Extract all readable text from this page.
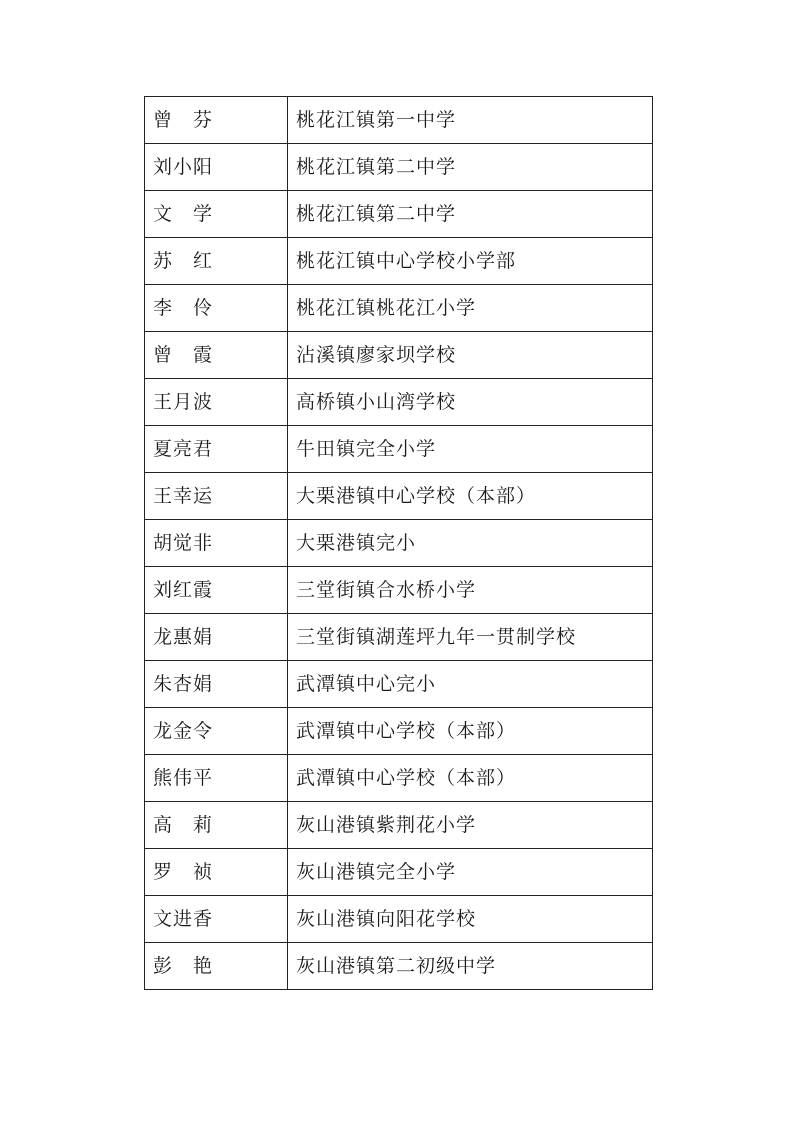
曾　芬	桃花江镇第一中学
刘小阳	桃花江镇第二中学
文　学	桃花江镇第二中学
苏　红	桃花江镇中心学校小学部
李　伶	桃花江镇桃花江小学
曾　霞	沾溪镇廖家坝学校
王月波	高桥镇小山湾学校
夏亮君	牛田镇完全小学
王幸运	大栗港镇中心学校（本部）
胡觉非	大栗港镇完小
刘红霞	三堂街镇合水桥小学
龙惠娟	三堂街镇湖莲坪九年一贯制学校
朱杏娟	武潭镇中心完小
龙金令	武潭镇中心学校（本部）
熊伟平	武潭镇中心学校（本部）
高　莉	灰山港镇紫荆花小学
罗　祯	灰山港镇完全小学
文进香	灰山港镇向阳花学校
彭　艳	灰山港镇第二初级中学
